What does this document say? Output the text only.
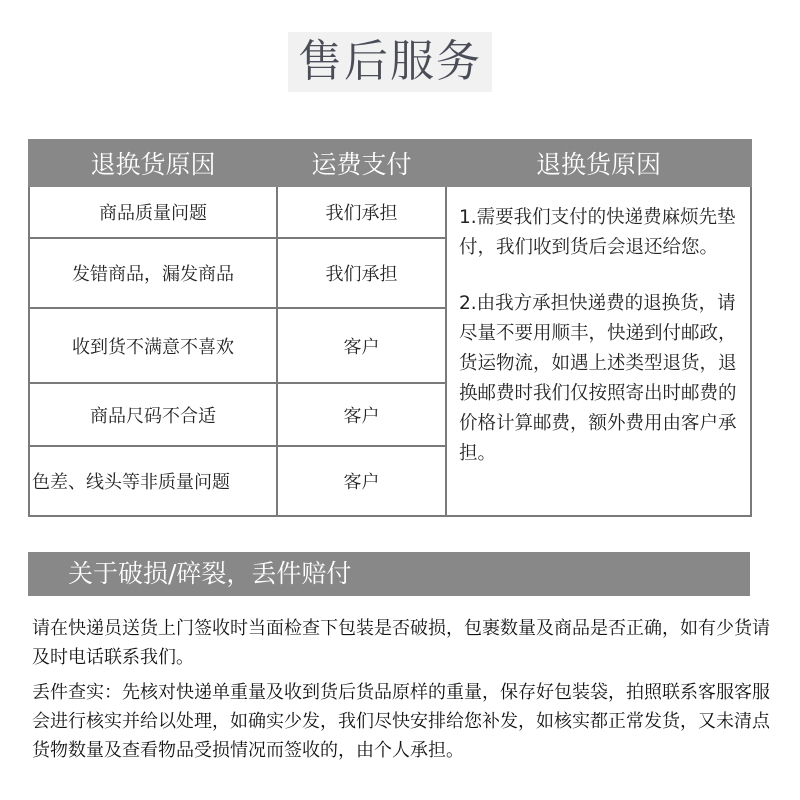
售后服务
退换货原因	运费支付	退换货原因
商品质量问题	我们承担	1.需要我们支付的快递费麻烦先垫付，我们收到货后会退还给您。

2.由我方承担快递费的退换货，请尽量不要用顺丰，快递到付邮政，货运物流，如遇上述类型退货，退换邮费时我们仅按照寄出时邮费的价格计算邮费，额外费用由客户承担。

发错商品，漏发商品	我们承担	
收到货不满意不喜欢	客户	
商品尺码不合适	客户	
色差、线头等非质量问题	客户	
关于破损/碎裂，丢件赔付

请在快递员送货上门签收时当面检查下包装是否破损，包裹数量及商品是否正确，如有少货请及时电话联系我们。

丢件查实：先核对快递单重量及收到货后货品原样的重量，保存好包装袋，拍照联系客服客服会进行核实并给以处理，如确实少发，我们尽快安排给您补发，如核实都正常发货，又未清点货物数量及查看物品受损情况而签收的，由个人承担。
